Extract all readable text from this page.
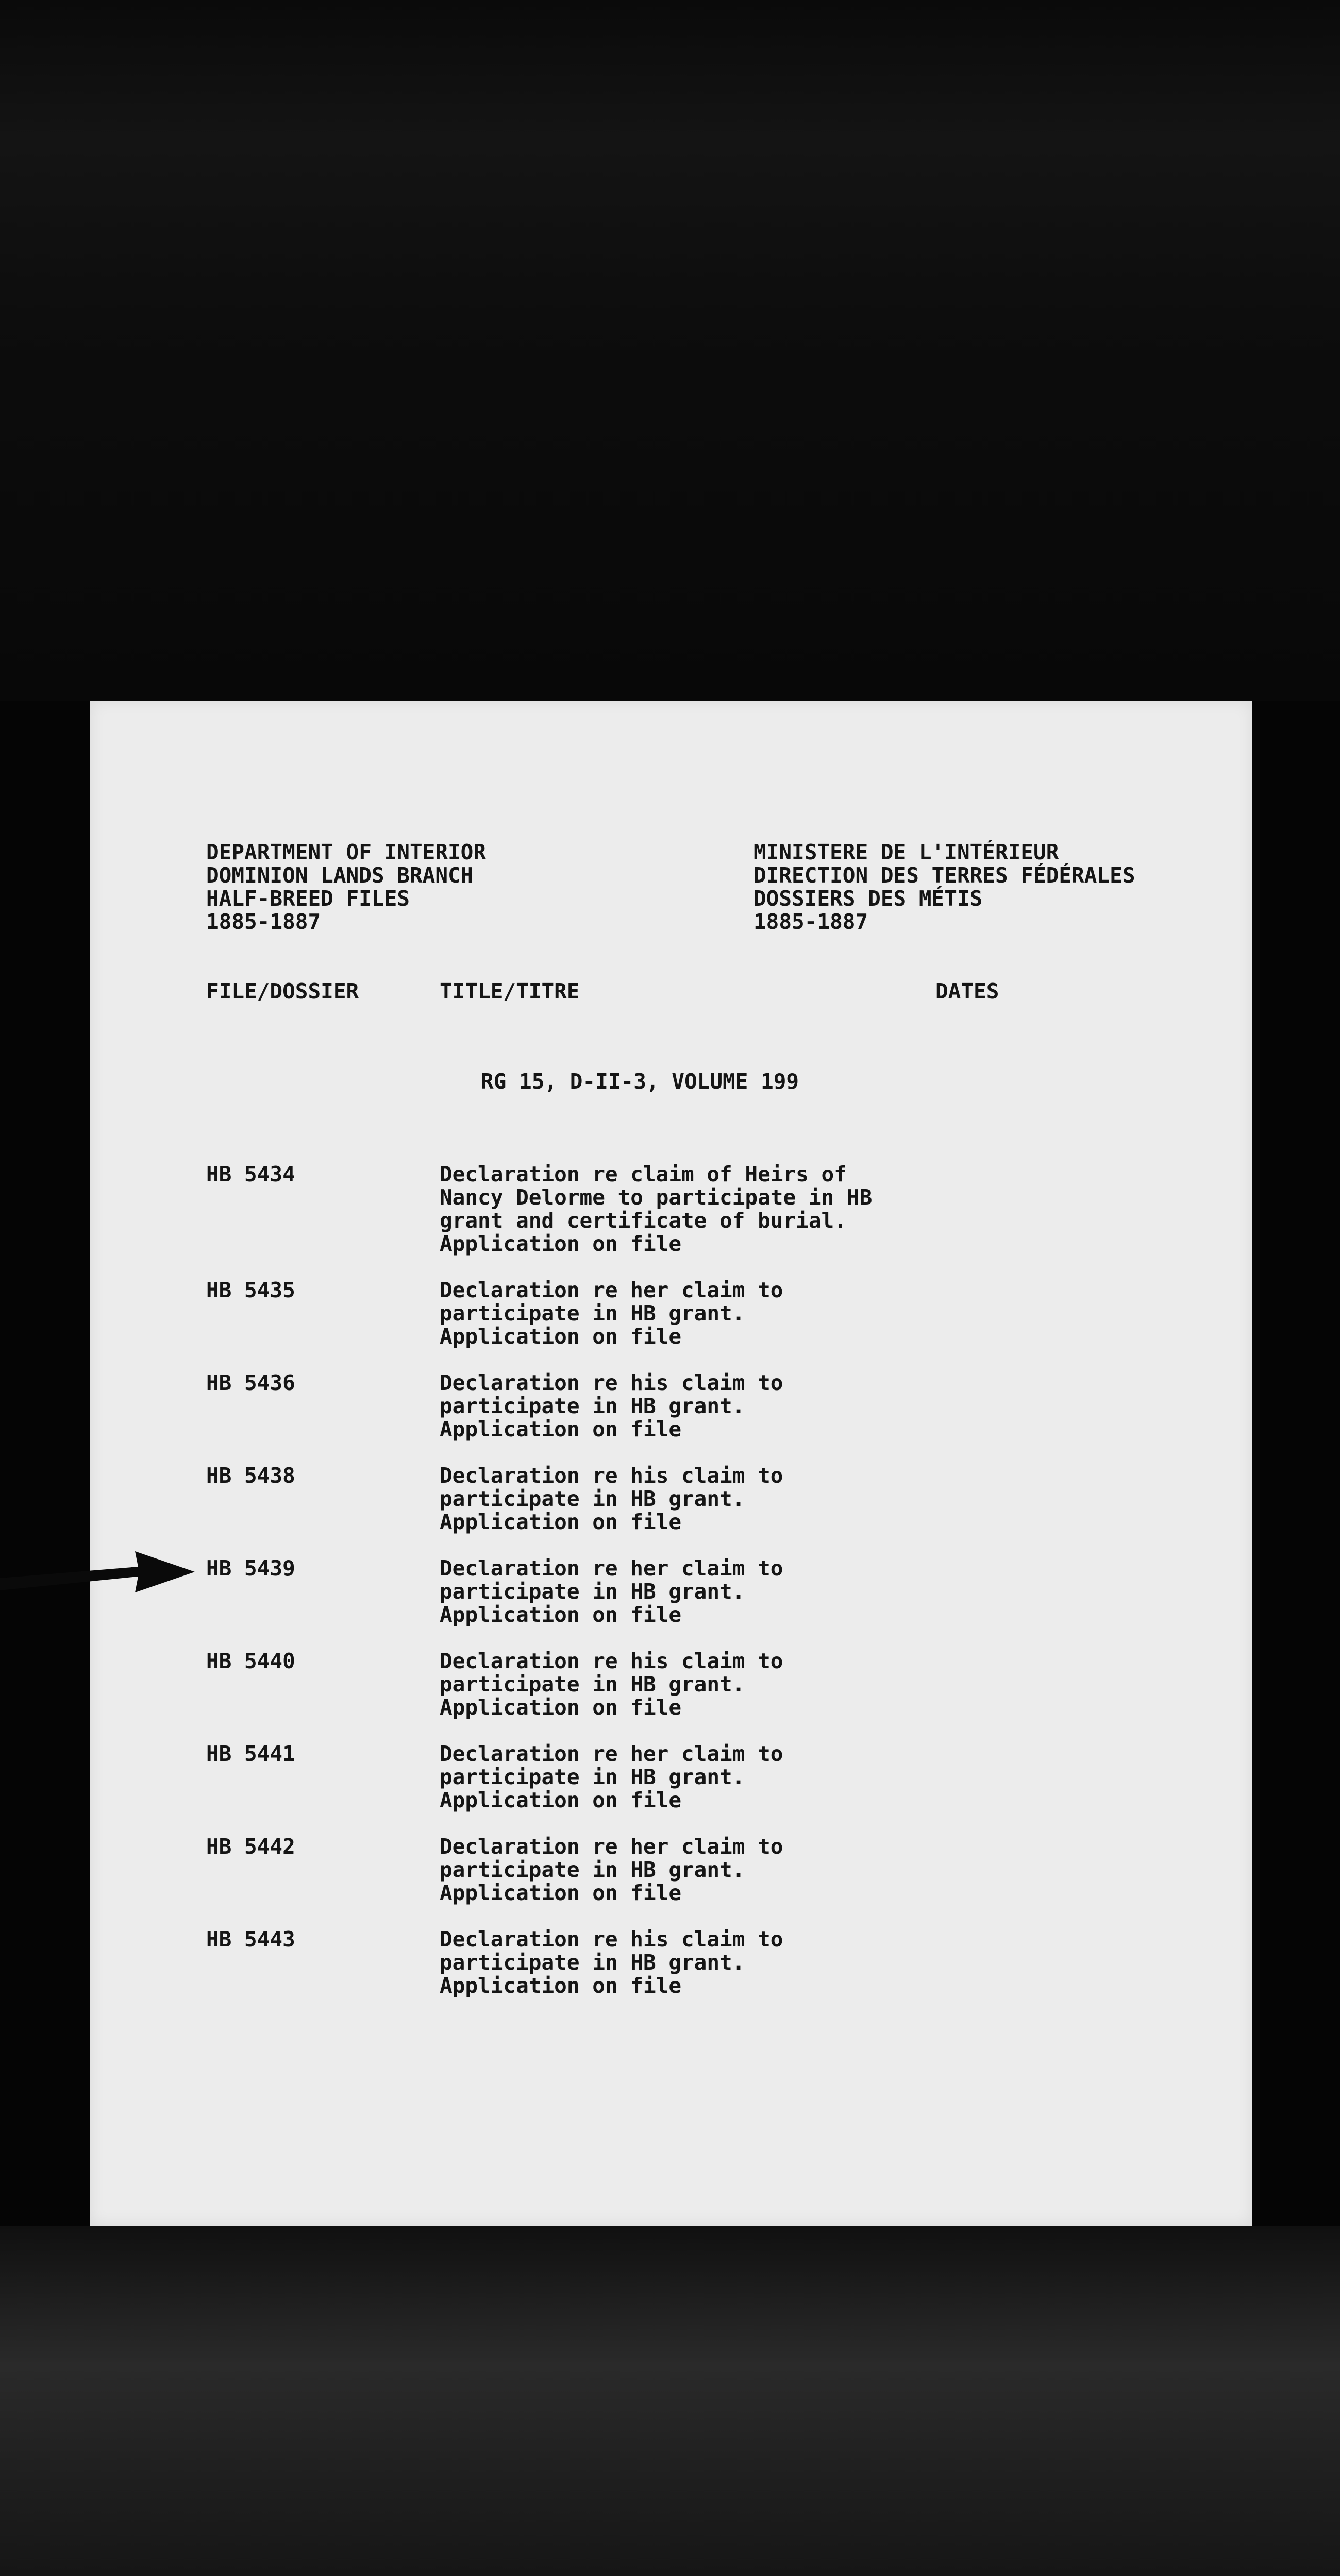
DEPARTMENT OF INTERIOR

DOMINION LANDS BRANCH

HALF-BREED FILES

1885-1887

MINISTERE DE L'INTÉRIEUR

DIRECTION DES TERRES FÉDÉRALES

DOSSIERS DES MÉTIS

1885-1887

FILE/DOSSIER	TITLE/TITRE	DATES

RG 15, D-II-3, VOLUME 199

HB 5434	Declaration re claim of Heirs of

Nancy Delorme to participate in HB

grant and certificate of burial.

Application on file

HB 5435	Declaration re her claim to

participate in HB grant.

Application on file

HB 5436	Declaration re his claim to

participate in HB grant.

Application on file

HB 5438	Declaration re his claim to

participate in HB grant.

Application on file

HB 5439	Declaration re her claim to

participate in HB grant.

Application on file

HB 5440	Declaration re his claim to

participate in HB grant.

Application on file

HB 5441	Declaration re her claim to

participate in HB grant.

Application on file

HB 5442	Declaration re her claim to

participate in HB grant.

Application on file

HB 5443	Declaration re his claim to

participate in HB grant.

Application on file
